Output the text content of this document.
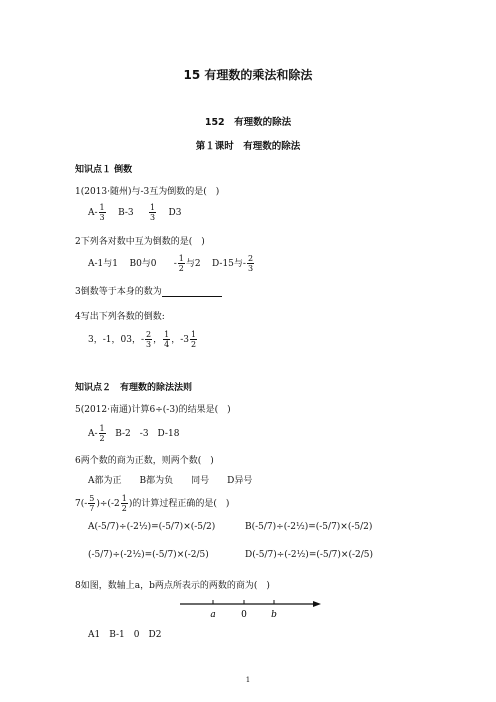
15 有理数的乘法和除法
152　有理数的除法
第１课时　有理数的除法
知识点１ 倒数
1(2013·随州)与-3互为倒数的是(　)
$A- \frac{1}{3} B-3 \frac{1}{3} D3$
2下列各对数中互为倒数的是(　)
A-1与1 B0与$0 - \frac{1}{2}$ 与2 D-15与- $\frac{2}{3}$
3倒数等于本身的数为
4写出下列各数的倒数:
3，-1，03，- $\frac{2}{3}$ ， $\frac{1}{4}$ ，$-3 \frac{1}{2}$
知识点２　有理数的除法法则
5(2012·南通)计算6÷(-3)的结果是(　)
$A- \frac{1}{2} B-2$　-3　D-18
6两个数的商为正数，则两个数(　)
A都为正　　B都为负　　同号　　D异号
$7(- \frac{5}{7} )\div(-2 \frac{1}{2}$ )的计算过程正确的是(　)
A(-5/7)÷(-2½)=(-5/7)×(-5/2)	B(-5/7)÷(-2½)=(-5/7)×(-5/2)
(-5/7)÷(-2½)=(-5/7)×(-2/5)	D(-5/7)÷(-2½)=(-5/7)×(-2/5)
8如图，数轴上a，b两点所表示的两数的商为(　)
a	0	b
A1　B-1　0　D2
1
